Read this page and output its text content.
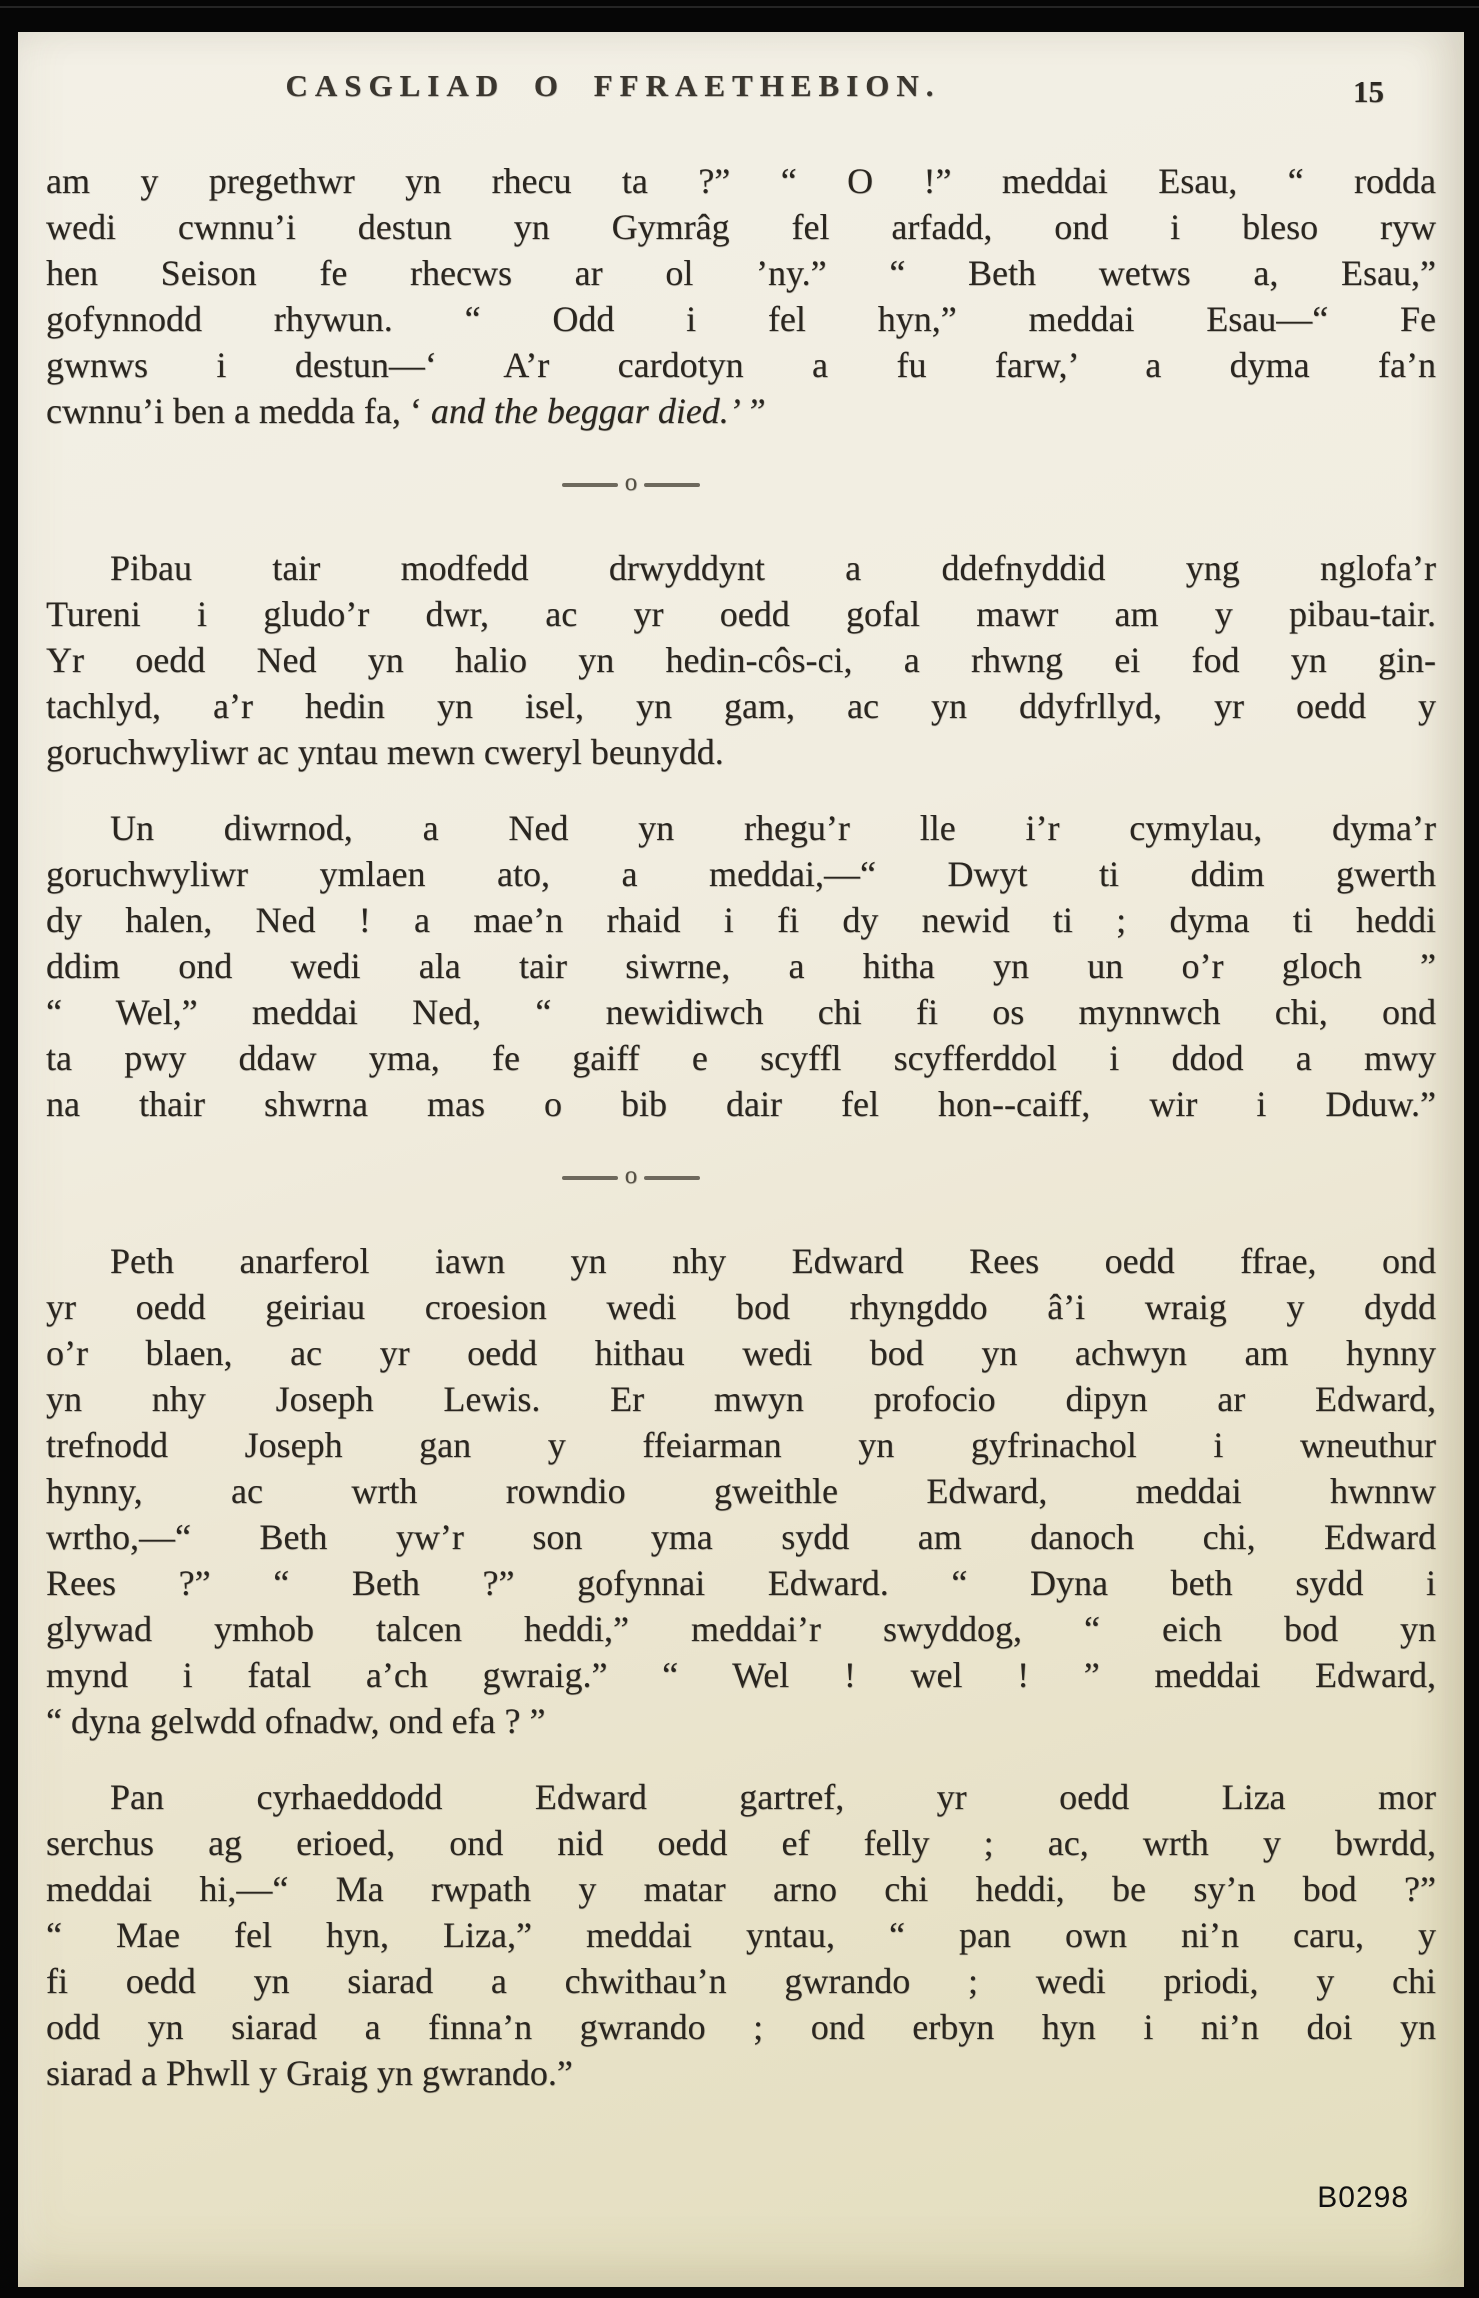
CASGLIAD O FFRAETHEBION.	15
am y pregethwr yn rhecu ta ?” “ O !” meddai Esau, “ rodda
wedi cwnnu’i destun yn Gymrâg fel arfadd, ond i bleso ryw
hen Seison fe rhecws ar ol ’ny.” “ Beth wetws a, Esau,”
gofynnodd rhywun. “ Odd i fel hyn,” meddai Esau—“ Fe
gwnws i destun—‘ A’r cardotyn a fu farw,’ a dyma fa’n
cwnnu’i ben a medda fa, ‘ and the beggar died.’ ”
o
Pibau tair modfedd drwyddynt a ddefnyddid yng nglofa’r
Tureni i gludo’r dwr, ac yr oedd gofal mawr am y pibau-tair.
Yr oedd Ned yn halio yn hedin-côs-ci, a rhwng ei fod yn gin-
tachlyd, a’r hedin yn isel, yn gam, ac yn ddyfrllyd, yr oedd y
goruchwyliwr ac yntau mewn cweryl beunydd.
Un diwrnod, a Ned yn rhegu’r lle i’r cymylau, dyma’r
goruchwyliwr ymlaen ato, a meddai,—“ Dwyt ti ddim gwerth
dy halen, Ned ! a mae’n rhaid i fi dy newid ti ; dyma ti heddi
ddim ond wedi ala tair siwrne, a hitha yn un o’r gloch ”
“ Wel,” meddai Ned, “ newidiwch chi fi os mynnwch chi, ond
ta pwy ddaw yma, fe gaiff e scyffl scyfferddol i ddod a mwy
na thair shwrna mas o bib dair fel hon--caiff, wir i Dduw.”
o
Peth anarferol iawn yn nhy Edward Rees oedd ffrae, ond
yr oedd geiriau croesion wedi bod rhyngddo â’i wraig y dydd
o’r blaen, ac yr oedd hithau wedi bod yn achwyn am hynny
yn nhy Joseph Lewis. Er mwyn profocio dipyn ar Edward,
trefnodd Joseph gan y ffeiarman yn gyfrinachol i wneuthur
hynny, ac wrth rowndio gweithle Edward, meddai hwnnw
wrtho,—“ Beth yw’r son yma sydd am danoch chi, Edward
Rees ?” “ Beth ?” gofynnai Edward. “ Dyna beth sydd i
glywad ymhob talcen heddi,” meddai’r swyddog, “ eich bod yn
mynd i fatal a’ch gwraig.” “ Wel ! wel ! ” meddai Edward,
“ dyna gelwdd ofnadw, ond efa ? ”
Pan cyrhaeddodd Edward gartref, yr oedd Liza mor
serchus ag erioed, ond nid oedd ef felly ; ac, wrth y bwrdd,
meddai hi,—“ Ma rwpath y matar arno chi heddi, be sy’n bod ?”
“ Mae fel hyn, Liza,” meddai yntau, “ pan own ni’n caru, y
fi oedd yn siarad a chwithau’n gwrando ; wedi priodi, y chi
odd yn siarad a finna’n gwrando ; ond erbyn hyn i ni’n doi yn
siarad a Phwll y Graig yn gwrando.”
B0298
